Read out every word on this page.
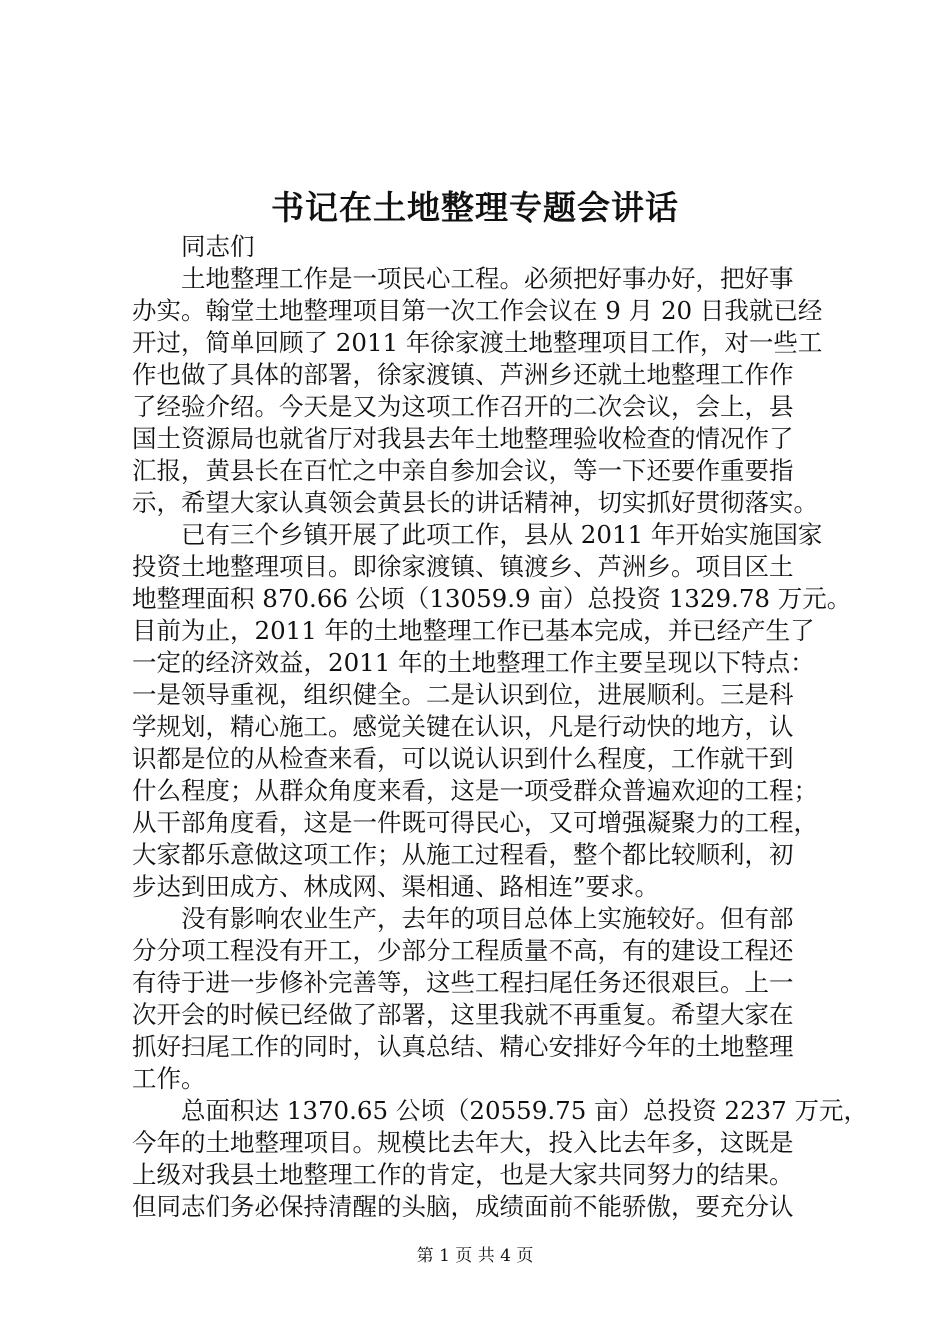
书记在土地整理专题会讲话
同志们
土地整理工作是一项民心工程。必须把好事办好，把好事
办实。翰堂土地整理项目第一次工作会议在 9 月 20 日我就已经
开过，简单回顾了 2011 年徐家渡土地整理项目工作，对一些工
作也做了具体的部署，徐家渡镇、芦洲乡还就土地整理工作作
了经验介绍。今天是又为这项工作召开的二次会议，会上，县
国土资源局也就省厅对我县去年土地整理验收检查的情况作了
汇报，黄县长在百忙之中亲自参加会议，等一下还要作重要指
示，希望大家认真领会黄县长的讲话精神，切实抓好贯彻落实。
已有三个乡镇开展了此项工作，县从 2011 年开始实施国家
投资土地整理项目。即徐家渡镇、镇渡乡、芦洲乡。项目区土
地整理面积 870.66 公顷（13059.9 亩）总投资 1329.78 万元。
目前为止，2011 年的土地整理工作已基本完成，并已经产生了
一定的经济效益，2011 年的土地整理工作主要呈现以下特点：
一是领导重视，组织健全。二是认识到位，进展顺利。三是科
学规划，精心施工。感觉关键在认识，凡是行动快的地方，认
识都是位的从检查来看，可以说认识到什么程度，工作就干到
什么程度；从群众角度来看，这是一项受群众普遍欢迎的工程；
从干部角度看，这是一件既可得民心，又可增强凝聚力的工程，
大家都乐意做这项工作；从施工过程看，整个都比较顺利，初
步达到田成方、林成网、渠相通、路相连”要求。
没有影响农业生产，去年的项目总体上实施较好。但有部
分分项工程没有开工，少部分工程质量不高，有的建设工程还
有待于进一步修补完善等，这些工程扫尾任务还很艰巨。上一
次开会的时候已经做了部署，这里我就不再重复。希望大家在
抓好扫尾工作的同时，认真总结、精心安排好今年的土地整理
工作。
总面积达 1370.65 公顷（20559.75 亩）总投资 2237 万元，
今年的土地整理项目。规模比去年大，投入比去年多，这既是
上级对我县土地整理工作的肯定，也是大家共同努力的结果。
但同志们务必保持清醒的头脑，成绩面前不能骄傲，要充分认
第 1 页 共 4 页
